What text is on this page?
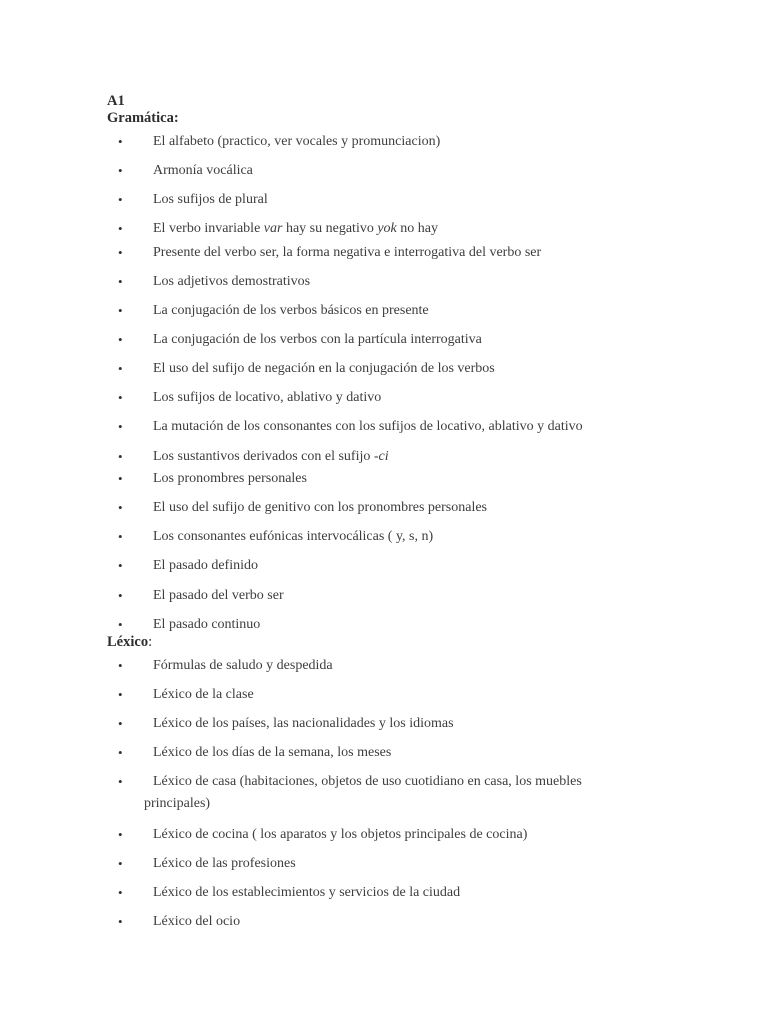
A1
Gramática:
•	El alfabeto (practico, ver vocales y promunciacion)
•	Armonía vocálica
•	Los sufijos de plural
•	El verbo invariable var hay su negativo yok no hay
•	Presente del verbo ser, la forma negativa e interrogativa del verbo ser
•	Los adjetivos demostrativos
•	La conjugación de los verbos básicos en presente
•	La conjugación de los verbos con la partícula interrogativa
•	El uso del sufijo de negación en la conjugación de los verbos
•	Los sufijos de locativo, ablativo y dativo
•	La mutación de los consonantes con los sufijos de locativo, ablativo y dativo
•	Los sustantivos derivados con el sufijo -ci
•	Los pronombres personales
•	El uso del sufijo de genitivo con los pronombres personales
•	Los consonantes eufónicas intervocálicas ( y, s, n)
•	El pasado definido
•	El pasado del verbo ser
•	El pasado continuo
Léxico:
•	Fórmulas de saludo y despedida
•	Léxico de la clase
•	Léxico de los países, las nacionalidades y los idiomas
•	Léxico de los días de la semana, los meses
•	Léxico de casa (habitaciones, objetos de uso cuotidiano en casa, los muebles
principales)
•	Léxico de cocina ( los aparatos y los objetos principales de cocina)
•	Léxico de las profesiones
•	Léxico de los establecimientos y servicios de la ciudad
•	Léxico del ocio
